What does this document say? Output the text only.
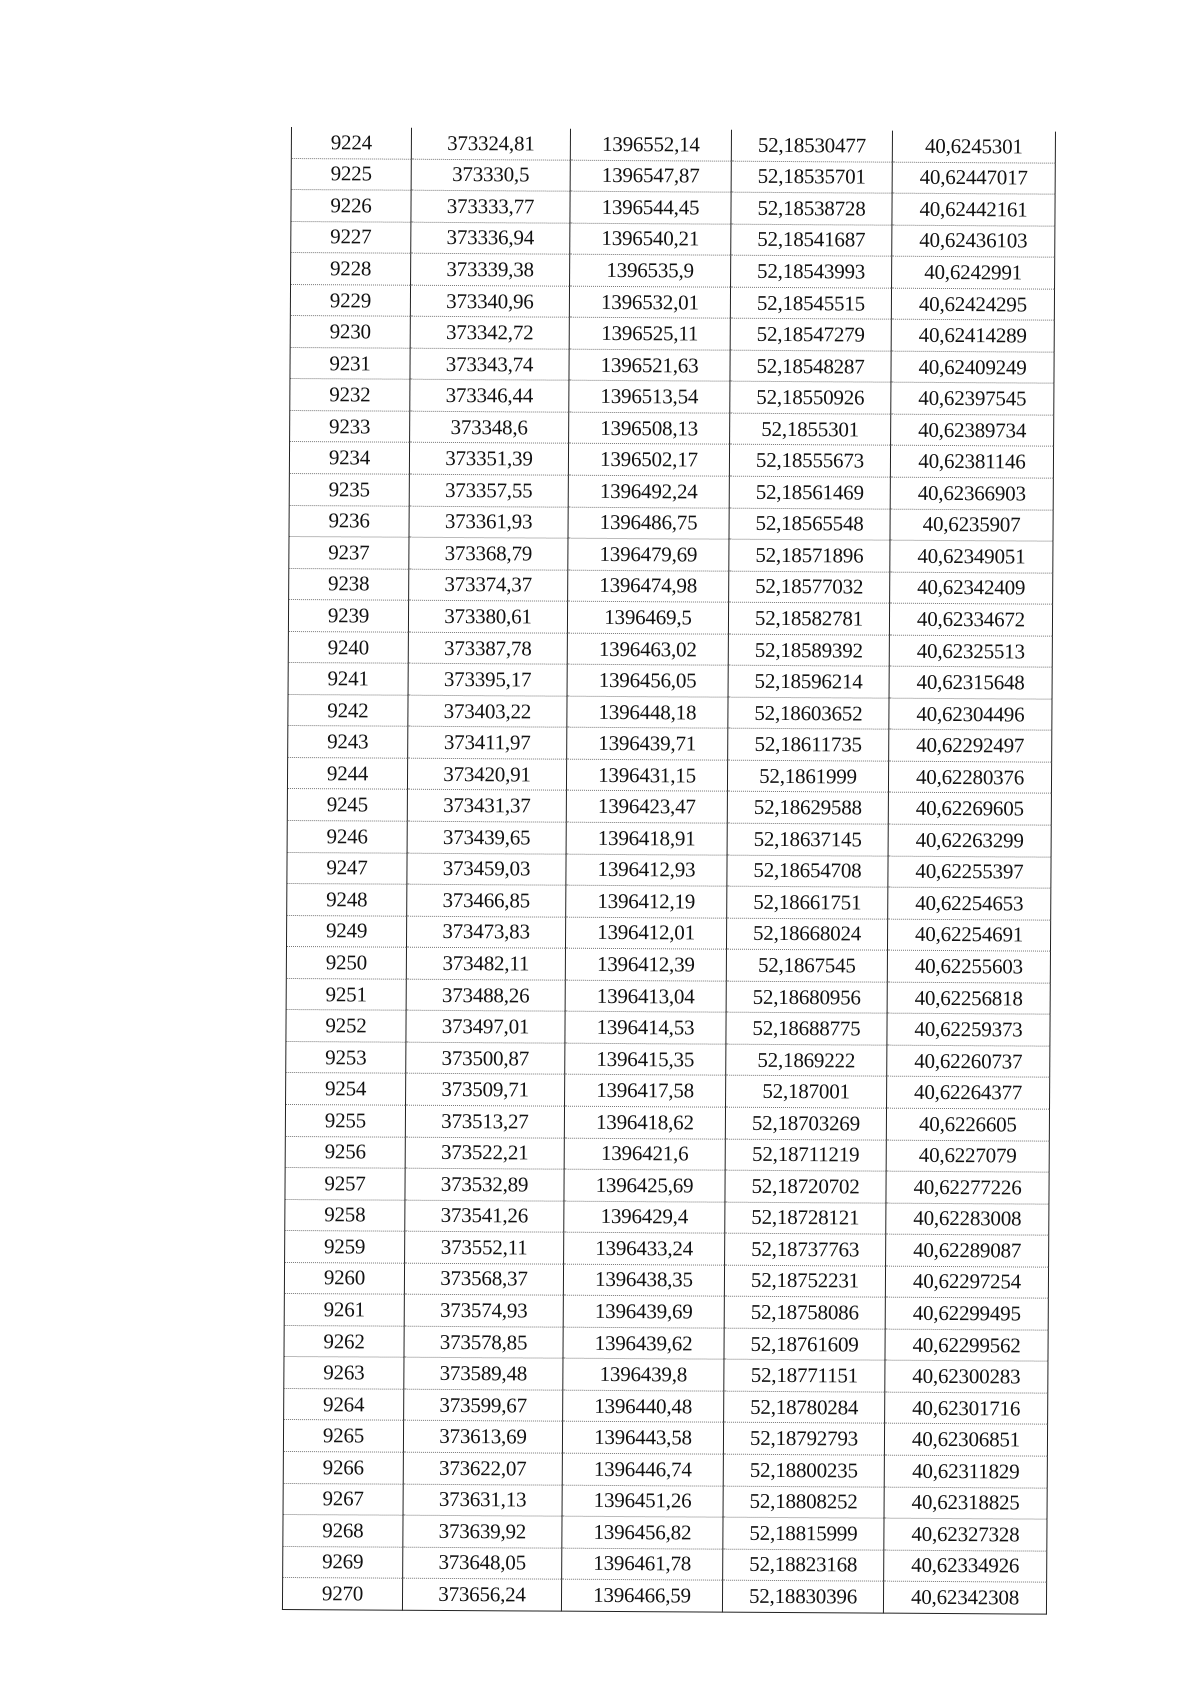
9224	373324,81	1396552,14	52,18530477	40,6245301
9225	373330,5	1396547,87	52,18535701	40,62447017
9226	373333,77	1396544,45	52,18538728	40,62442161
9227	373336,94	1396540,21	52,18541687	40,62436103
9228	373339,38	1396535,9	52,18543993	40,6242991
9229	373340,96	1396532,01	52,18545515	40,62424295
9230	373342,72	1396525,11	52,18547279	40,62414289
9231	373343,74	1396521,63	52,18548287	40,62409249
9232	373346,44	1396513,54	52,18550926	40,62397545
9233	373348,6	1396508,13	52,1855301	40,62389734
9234	373351,39	1396502,17	52,18555673	40,62381146
9235	373357,55	1396492,24	52,18561469	40,62366903
9236	373361,93	1396486,75	52,18565548	40,6235907
9237	373368,79	1396479,69	52,18571896	40,62349051
9238	373374,37	1396474,98	52,18577032	40,62342409
9239	373380,61	1396469,5	52,18582781	40,62334672
9240	373387,78	1396463,02	52,18589392	40,62325513
9241	373395,17	1396456,05	52,18596214	40,62315648
9242	373403,22	1396448,18	52,18603652	40,62304496
9243	373411,97	1396439,71	52,18611735	40,62292497
9244	373420,91	1396431,15	52,1861999	40,62280376
9245	373431,37	1396423,47	52,18629588	40,62269605
9246	373439,65	1396418,91	52,18637145	40,62263299
9247	373459,03	1396412,93	52,18654708	40,62255397
9248	373466,85	1396412,19	52,18661751	40,62254653
9249	373473,83	1396412,01	52,18668024	40,62254691
9250	373482,11	1396412,39	52,1867545	40,62255603
9251	373488,26	1396413,04	52,18680956	40,62256818
9252	373497,01	1396414,53	52,18688775	40,62259373
9253	373500,87	1396415,35	52,1869222	40,62260737
9254	373509,71	1396417,58	52,187001	40,62264377
9255	373513,27	1396418,62	52,18703269	40,6226605
9256	373522,21	1396421,6	52,18711219	40,6227079
9257	373532,89	1396425,69	52,18720702	40,62277226
9258	373541,26	1396429,4	52,18728121	40,62283008
9259	373552,11	1396433,24	52,18737763	40,62289087
9260	373568,37	1396438,35	52,18752231	40,62297254
9261	373574,93	1396439,69	52,18758086	40,62299495
9262	373578,85	1396439,62	52,18761609	40,62299562
9263	373589,48	1396439,8	52,18771151	40,62300283
9264	373599,67	1396440,48	52,18780284	40,62301716
9265	373613,69	1396443,58	52,18792793	40,62306851
9266	373622,07	1396446,74	52,18800235	40,62311829
9267	373631,13	1396451,26	52,18808252	40,62318825
9268	373639,92	1396456,82	52,18815999	40,62327328
9269	373648,05	1396461,78	52,18823168	40,62334926
9270	373656,24	1396466,59	52,18830396	40,62342308
